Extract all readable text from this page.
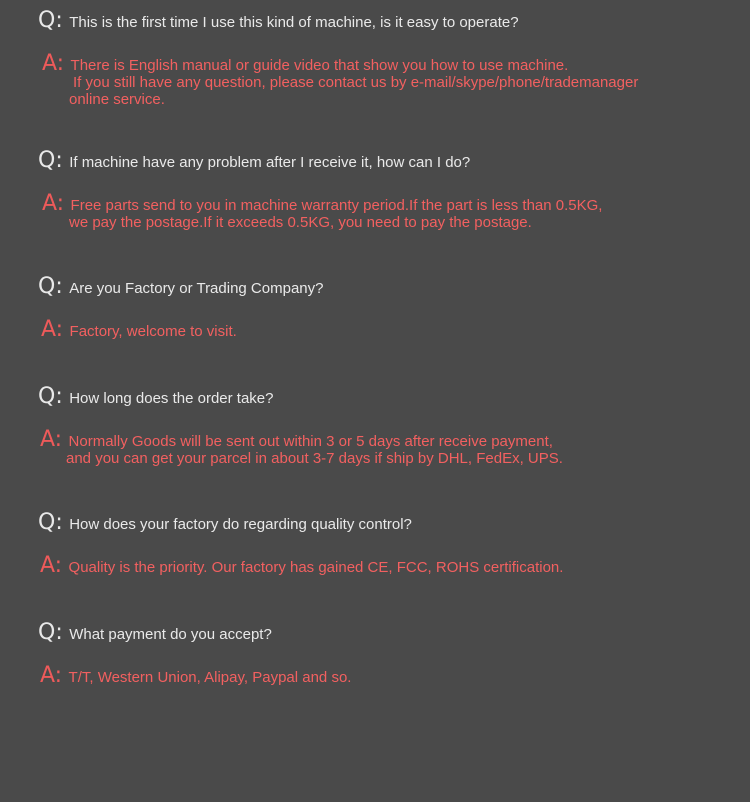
Q: This is the first time I use this kind of machine, is it easy to operate?
A: There is English manual or guide video that show you how to use machine.
If you still have any question, please contact us by e-mail/skype/phone/trademanager
online service.
Q: If machine have any problem after I receive it, how can I do?
A: Free parts send to you in machine warranty period.If the part is less than 0.5KG,
we pay the postage.If it exceeds 0.5KG, you need to pay the postage.
Q: Are you Factory or Trading Company?
A: Factory, welcome to visit.
Q: How long does the order take?
A: Normally Goods will be sent out within 3 or 5 days after receive payment,
and you can get your parcel in about 3-7 days if ship by DHL, FedEx, UPS.
Q: How does your factory do regarding quality control?
A: Quality is the priority. Our factory has gained CE, FCC, ROHS certification.
Q: What payment do you accept?
A: T/T, Western Union, Alipay, Paypal and so.
